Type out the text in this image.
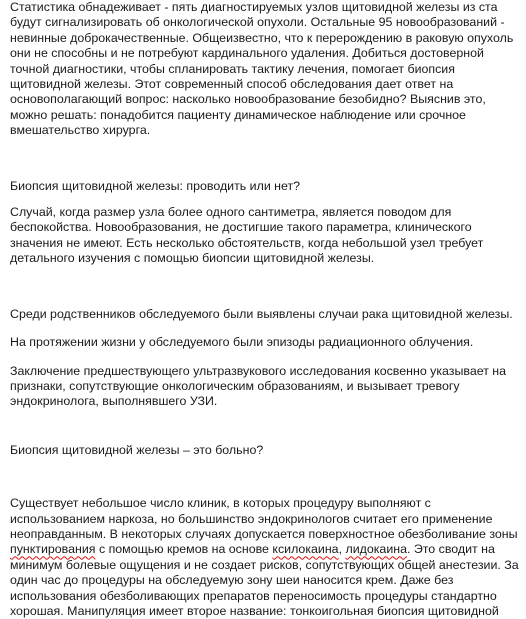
Статистика обнадеживает - пять диагностируемых узлов щитовидной железы из ста будут сигнализировать об онкологической опухоли. Остальные 95 новообразований - невинные доброкачественные. Общеизвестно, что к перерождению в раковую опухоль они не способны и не потребуют кардинального удаления. Добиться достоверной точной диагностики, чтобы спланировать тактику лечения, помогает биопсия щитовидной железы. Этот современный способ обследования дает ответ на основополагающий вопрос: насколько новообразование безобидно? Выяснив это, можно решать: понадобится пациенту динамическое наблюдение или срочное вмешательство хирурга.

Биопсия щитовидной железы: проводить или нет?

Случай, когда размер узла более одного сантиметра, является поводом для беспокойства. Новообразования, не достигшие такого параметра, клинического значения не имеют. Есть несколько обстоятельств, когда небольшой узел требует детального изучения с помощью биопсии щитовидной железы.

Среди родственников обследуемого были выявлены случаи рака щитовидной железы.

На протяжении жизни у обследуемого были эпизоды радиационного облучения.

Заключение предшествующего ультразвукового исследования косвенно указывает на признаки, сопутствующие онкологическим образованиям, и вызывает тревогу эндокринолога, выполнявшего УЗИ.

Биопсия щитовидной железы – это больно?

Существует небольшое число клиник, в которых процедуру выполняют с использованием наркоза, но большинство эндокринологов считает его применение неоправданным. В некоторых случаях допускается поверхностное обезболивание зоны пунктирования с помощью кремов на основе ксилокаина, лидокаина. Это сводит на минимум болевые ощущения и не создает рисков, сопутствующих общей анестезии. За один час до процедуры на обследуемую зону шеи наносится крем. Даже без использования обезболивающих препаратов переносимость процедуры стандартно хорошая. Манипуляция имеет второе название: тонкоигольная биопсия щитовидной
